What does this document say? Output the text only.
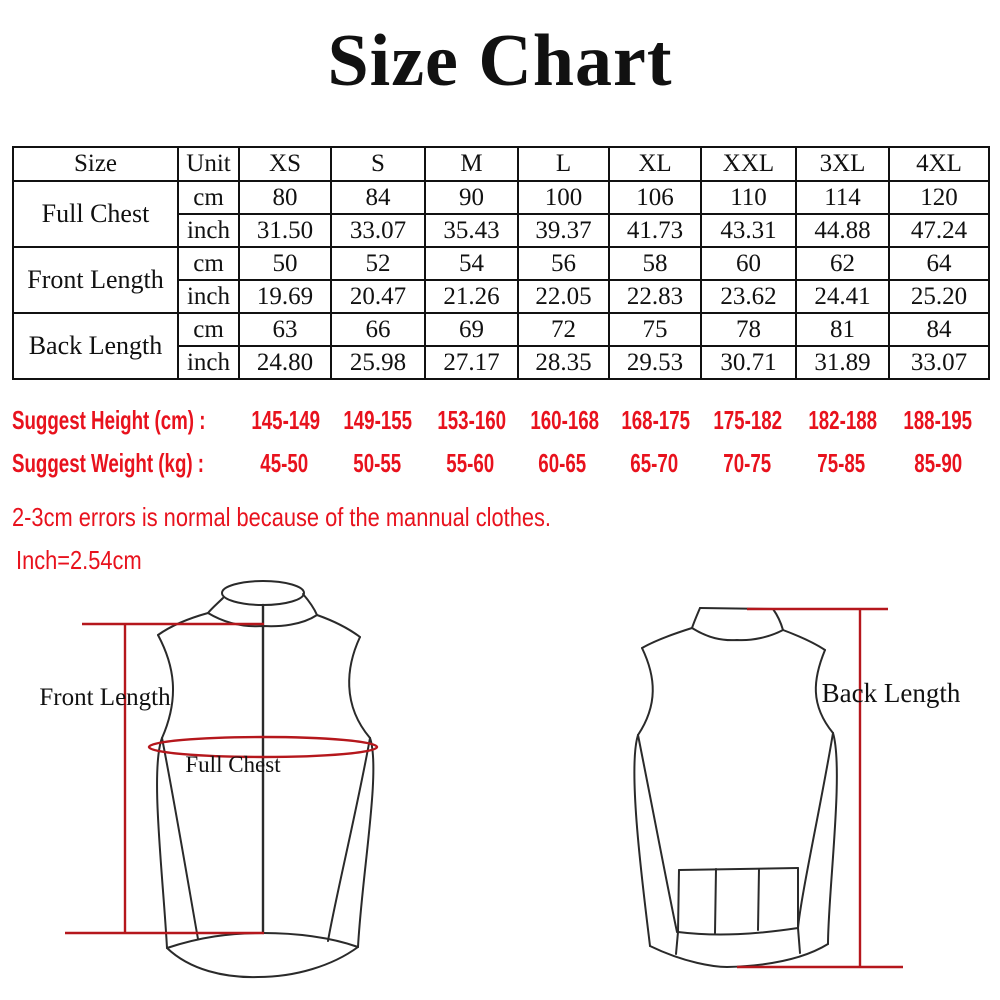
Size Chart
Size	Unit	XS	S	M	L	XL	XXL	3XL	4XL
Full Chest	cm	80	84	90	100	106	110	114	120
	inch	31.50	33.07	35.43	39.37	41.73	43.31	44.88	47.24
Front Length	cm	50	52	54	56	58	60	62	64
	inch	19.69	20.47	21.26	22.05	22.83	23.62	24.41	25.20
Back Length	cm	63	66	69	72	75	78	81	84
	inch	24.80	25.98	27.17	28.35	29.53	30.71	31.89	33.07
Suggest Height (cm) :	145-149 149-155 153-160 160-168 168-175 175-182	182-188	188-195
Suggest Weight (kg) :	45-50	50-55	55-60	60-65	65-70	70-75	75-85	85-90
2-3cm errors is normal because of the mannual clothes.
Inch=2.54cm
Front Length
Full Chest
Back Length
